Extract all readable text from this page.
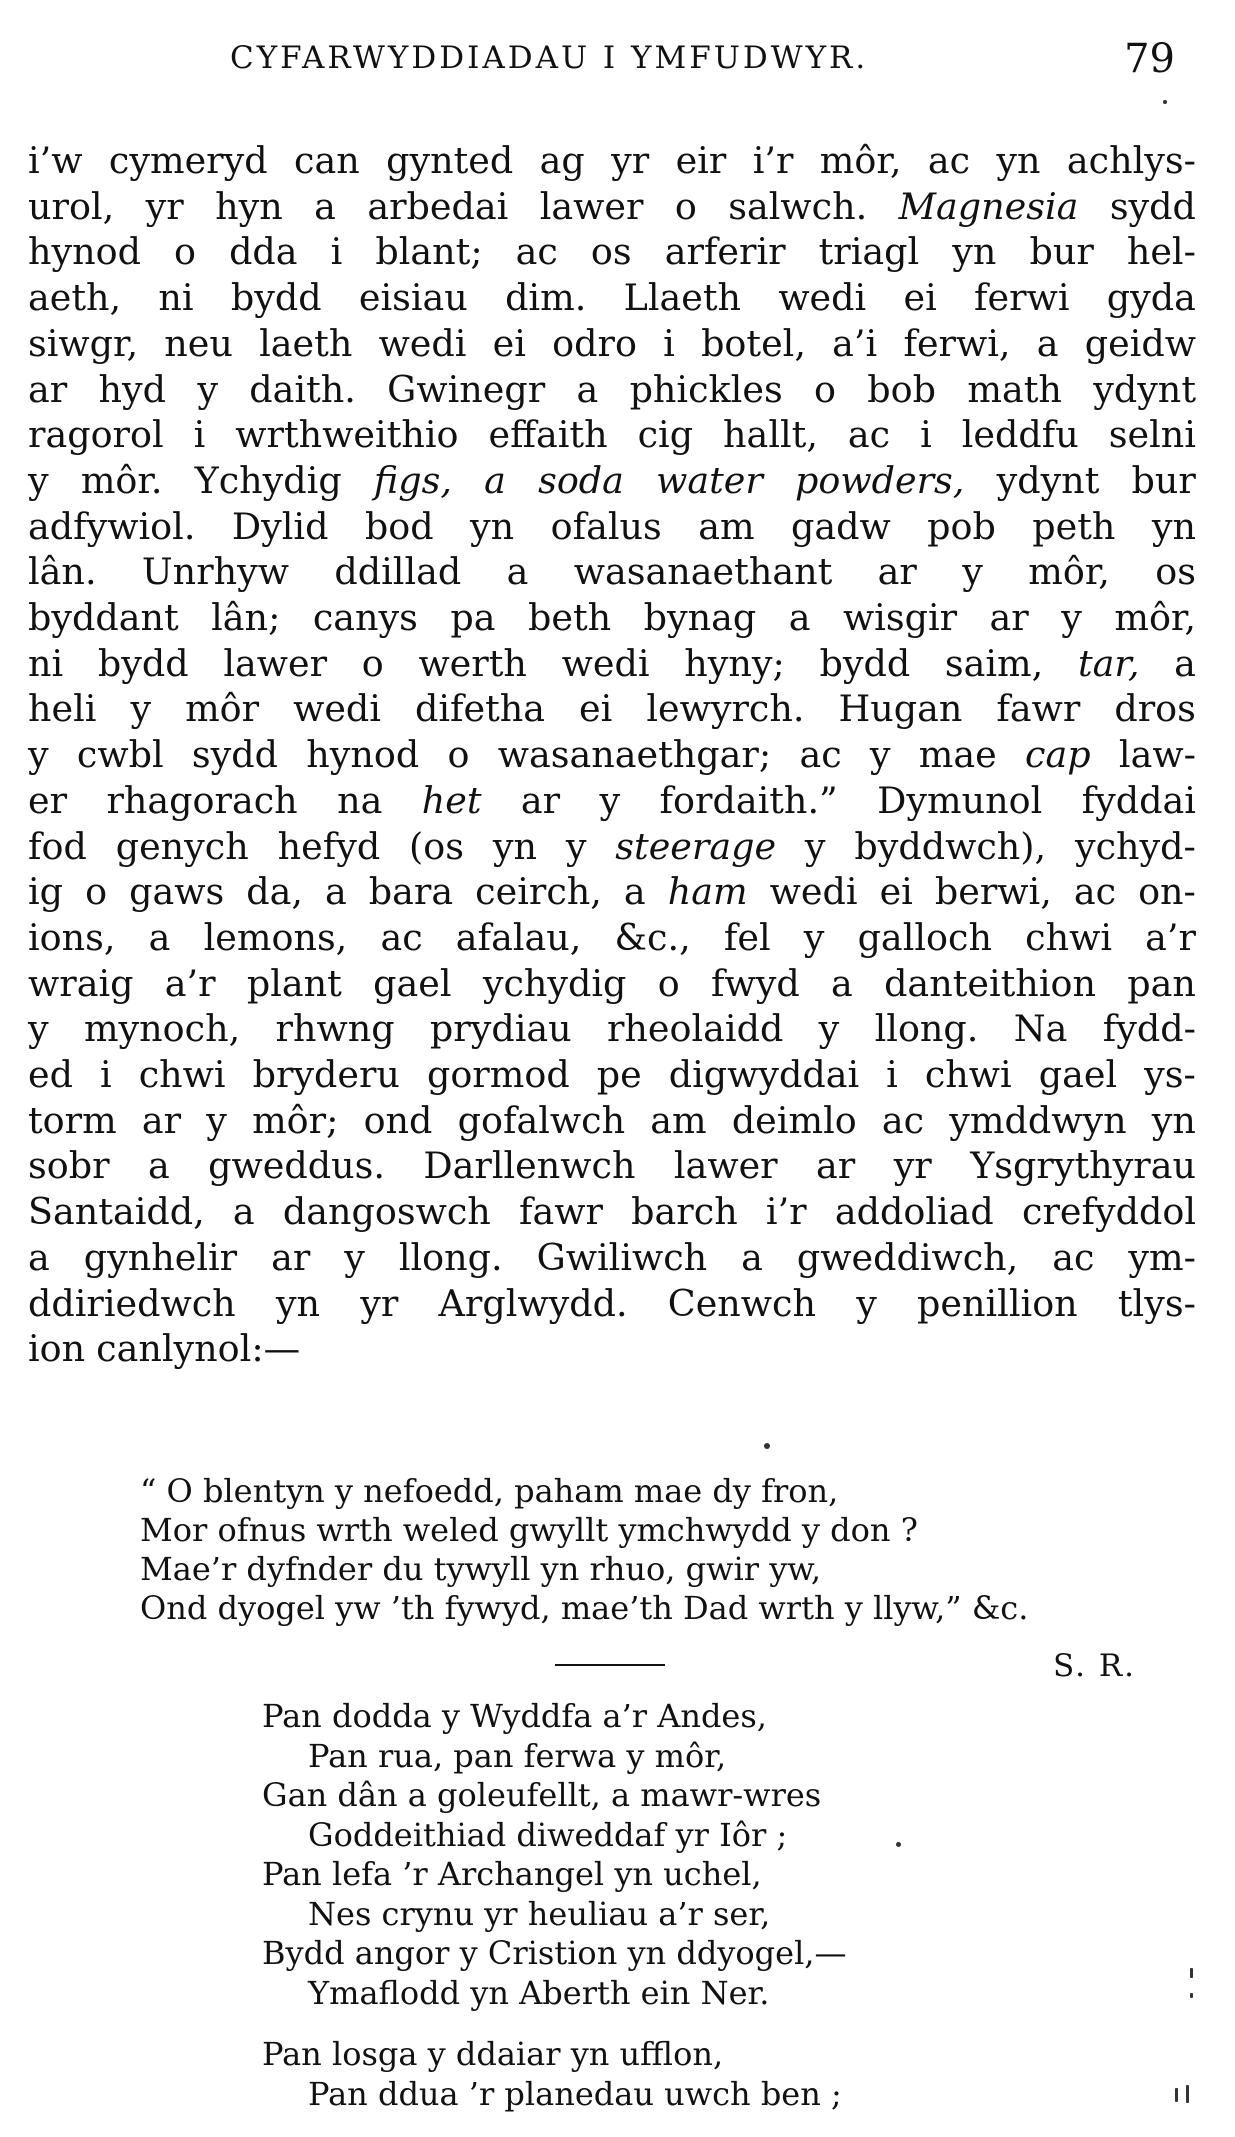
CYFARWYDDIADAU I YMFUDWYR.	79
i’w cymeryd can gynted ag yr eir i’r môr, ac yn achlys-
urol, yr hyn a arbedai lawer o salwch. Magnesia sydd
hynod o dda i blant; ac os arferir triagl yn bur hel-
aeth, ni bydd eisiau dim. Llaeth wedi ei ferwi gyda
siwgr, neu laeth wedi ei odro i botel, a’i ferwi, a geidw
ar hyd y daith. Gwinegr a phickles o bob math ydynt
ragorol i wrthweithio effaith cig hallt, ac i leddfu selni
y môr. Ychydig figs, a soda water powders, ydynt bur
adfywiol. Dylid bod yn ofalus am gadw pob peth yn
lân. Unrhyw ddillad a wasanaethant ar y môr, os
byddant lân; canys pa beth bynag a wisgir ar y môr,
ni bydd lawer o werth wedi hyny; bydd saim, tar, a
heli y môr wedi difetha ei lewyrch. Hugan fawr dros
y cwbl sydd hynod o wasanaethgar; ac y mae cap law-
er rhagorach na het ar y fordaith.” Dymunol fyddai
fod genych hefyd (os yn y steerage y byddwch), ychyd-
ig o gaws da, a bara ceirch, a ham wedi ei berwi, ac on-
ions, a lemons, ac afalau, &c., fel y galloch chwi a’r
wraig a’r plant gael ychydig o fwyd a danteithion pan
y mynoch, rhwng prydiau rheolaidd y llong. Na fydd-
ed i chwi bryderu gormod pe digwyddai i chwi gael ys-
torm ar y môr; ond gofalwch am deimlo ac ymddwyn yn
sobr a gweddus. Darllenwch lawer ar yr Ysgrythyrau
Santaidd, a dangoswch fawr barch i’r addoliad crefyddol
a gynhelir ar y llong. Gwiliwch a gweddiwch, ac ym-
ddiriedwch yn yr Arglwydd. Cenwch y penillion tlys-
ion canlynol:—
“ O blentyn y nefoedd, paham mae dy fron,
Mor ofnus wrth weled gwyllt ymchwydd y don ?
Mae’r dyfnder du tywyll yn rhuo, gwir yw,
Ond dyogel yw ’th fywyd, mae’th Dad wrth y llyw,” &c.
S. R.
Pan dodda y Wyddfa a’r Andes,
Pan rua, pan ferwa y môr,
Gan dân a goleufellt, a mawr-wres
Goddeithiad diweddaf yr Iôr ;
Pan lefa ’r Archangel yn uchel,
Nes crynu yr heuliau a’r ser,
Bydd angor y Cristion yn ddyogel,—
Ymaflodd yn Aberth ein Ner.
Pan losga y ddaiar yn ufflon,
Pan ddua ’r planedau uwch ben ;
